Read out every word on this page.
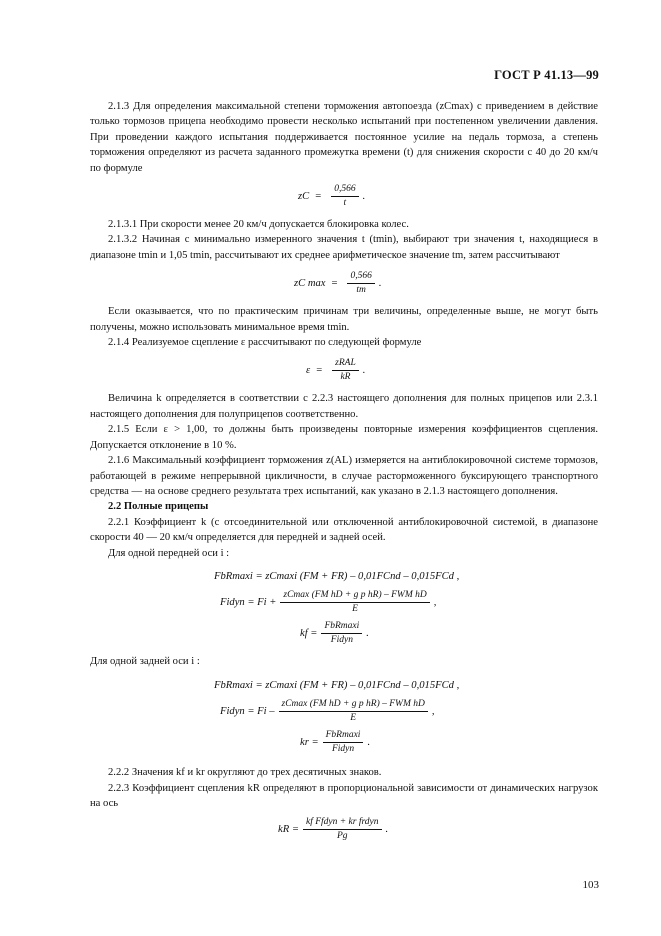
ГОСТ Р 41.13—99

2.1.3 Для определения максимальной степени торможения автопоезда (zCmax) с приведением в действие только тормозов прицепа необходимо провести несколько испытаний при постепенном увеличении давления. При проведении каждого испытания поддерживается постоянное усилие на педаль тормоза, а степень торможения определяют из расчета заданного промежутка времени (t) для снижения скорости с 40 до 20 км/ч по формуле

zC = $\frac{0,566}{t}$ .

2.1.3.1 При скорости менее 20 км/ч допускается блокировка колес.

2.1.3.2 Начиная с минимально измеренного значения t (tmin), выбирают три значения t, находящиеся в диапазоне tmin и 1,05 tmin, рассчитывают их среднее арифметическое значение tm, затем рассчитывают

zC $\max = \frac{0,566}{tm}$ .

Если оказывается, что по практическим причинам три величины, определенные выше, не могут быть получены, можно использовать минимальное время tmin.

2.1.4 Реализуемое сцепление ε рассчитывают по следующей формуле

$\varepsilon = \frac{\text{zRAL}}{kR}$ .

Величина k определяется в соответствии с 2.2.3 настоящего дополнения для полных прицепов или 2.3.1 настоящего дополнения для полуприцепов соответственно.

2.1.5 Если ε > 1,00, то должны быть произведены повторные измерения коэффициентов сцепления. Допускается отклонение в 10 %.

2.1.6 Максимальный коэффициент торможения z(AL) измеряется на антиблокировочной системе тормозов, работающей в режиме непрерывной цикличности, в случае расторможенного буксирующего транспортного средства — на основе среднего результата трех испытаний, как указано в 2.1.3 настоящего дополнения.

2.2 Полные прицепы

2.2.1 Коэффициент k (с отсоединительной или отключенной антиблокировочной системой, в диапазоне скорости 40 — 20 км/ч определяется для передней и задней осей.

Для одной передней оси i :

FbRmaxi = zCmaxi (FM + FR) – 0,01FCnd – 0,015FCd ,
Fidyn = $Fi + \frac{\text{zCmax (FM hD + g p hR) – FWM hD}}{E}$ ,
kf = $\frac{\text{FbRmaxi}}{\text{Fidyn}}$ .

Для одной задней оси i :

FbRmaxi = zCmaxi (FM + FR) – 0,01FCnd – 0,015FCd ,
Fidyn = Fi – $\frac{\text{zCmax (FM hD + g p hR) – FWM hD}}{E}$ ,
kr = $\frac{\text{FbRmaxi}}{\text{Fidyn}}$ .

2.2.2 Значения kf и kr округляют до трех десятичных знаков.

2.2.3 Коэффициент сцепления kR определяют в пропорциональной зависимости от динамических нагрузок на ось

kR = $\frac{\text{kf Ffdyn + kr frdyn}}{Pg}$ .
103
